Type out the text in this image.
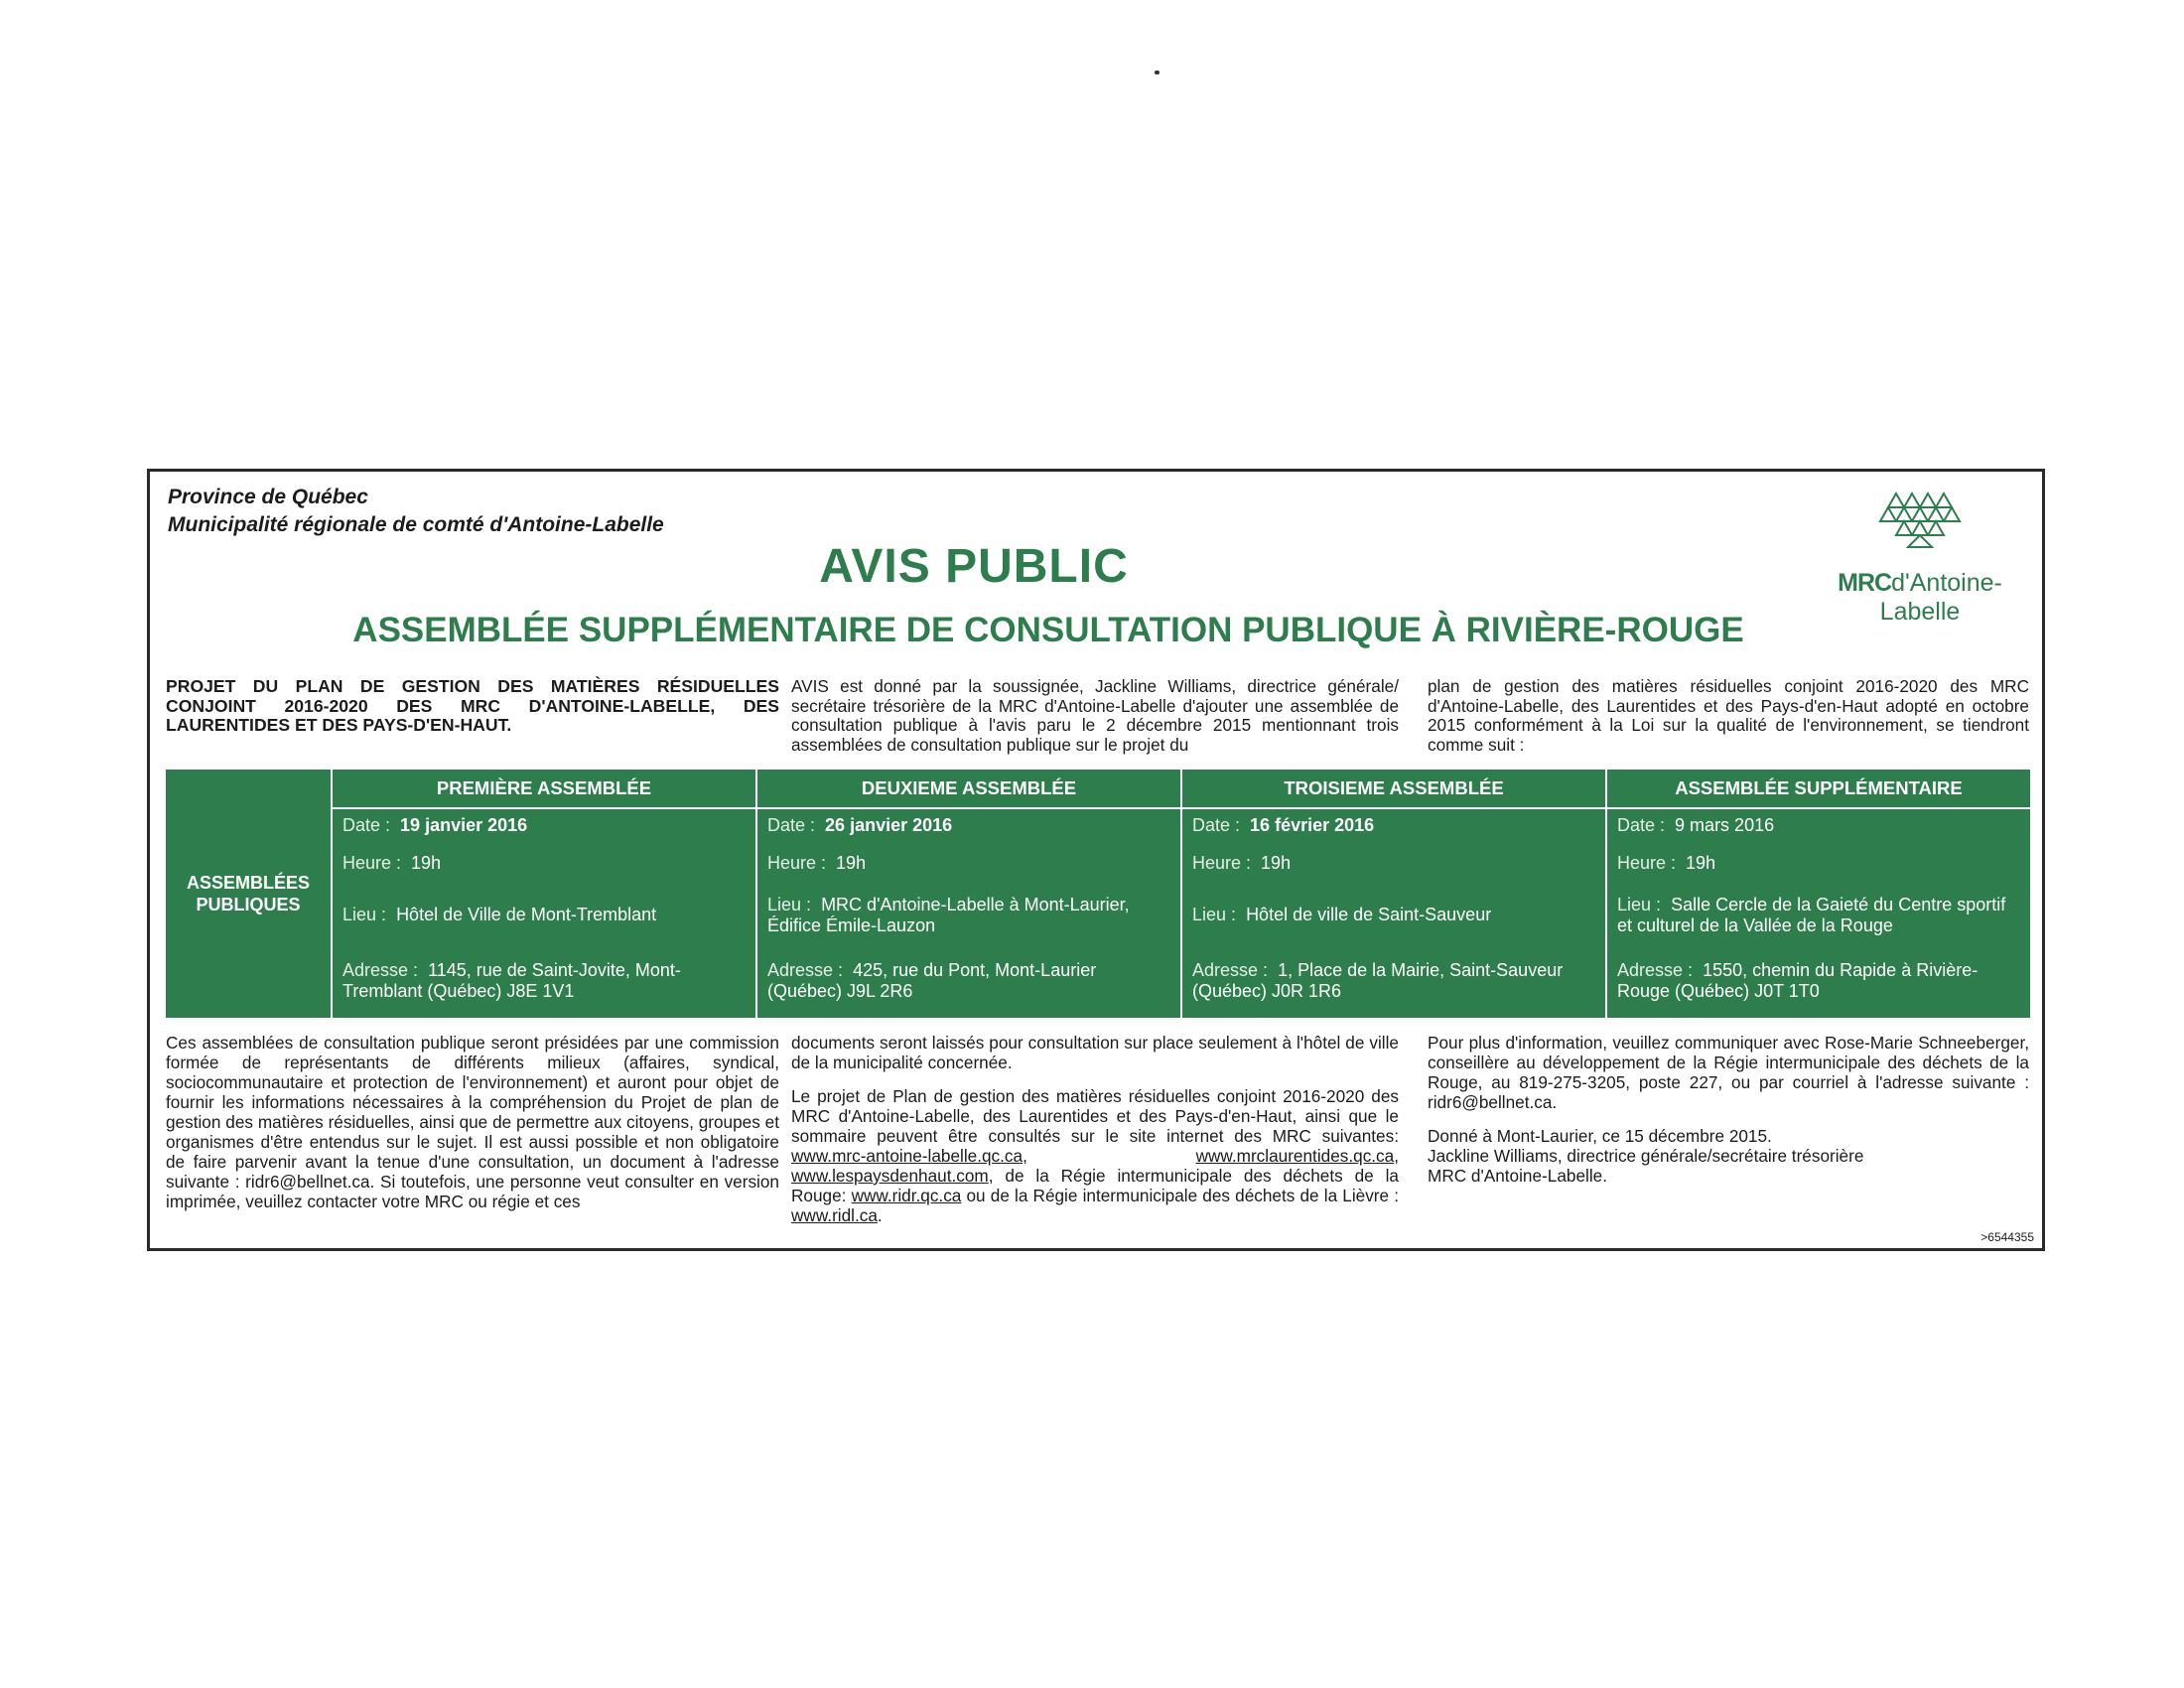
Province de Québec
Municipalité régionale de comté d'Antoine-Labelle
AVIS PUBLIC
ASSEMBLÉE SUPPLÉMENTAIRE DE CONSULTATION PUBLIQUE À RIVIÈRE-ROUGE
MRCd'Antoine-Labelle
PROJET DU PLAN DE GESTION DES MATIÈRES RÉSIDUELLES CONJOINT 2016-2020 DES MRC D'ANTOINE-LABELLE, DES LAURENTIDES ET DES PAYS-D'EN-HAUT.
AVIS est donné par la soussignée, Jackline Williams, directrice générale/ secrétaire trésorière de la MRC d'Antoine-Labelle d'ajouter une assemblée de consultation publique à l'avis paru le 2 décembre 2015 mentionnant trois assemblées de consultation publique sur le projet du
plan de gestion des matières résiduelles conjoint 2016-2020 des MRC d'Antoine-Labelle, des Laurentides et des Pays-d'en-Haut adopté en octobre 2015 conformément à la Loi sur la qualité de l'environnement, se tiendront comme suit :
ASSEMBLÉES PUBLIQUES
PREMIÈRE ASSEMBLÉE
Date : 19 janvier 2016
Heure : 19h
Lieu : Hôtel de Ville de Mont-Tremblant
Adresse : 1145, rue de Saint-Jovite, Mont-Tremblant (Québec) J8E 1V1
DEUXIEME ASSEMBLÉE
Date : 26 janvier 2016
Heure : 19h
Lieu : MRC d'Antoine-Labelle à Mont-Laurier, Édifice Émile-Lauzon
Adresse : 425, rue du Pont, Mont-Laurier (Québec) J9L 2R6
TROISIEME ASSEMBLÉE
Date : 16 février 2016
Heure : 19h
Lieu : Hôtel de ville de Saint-Sauveur
Adresse : 1, Place de la Mairie, Saint-Sauveur (Québec) J0R 1R6
ASSEMBLÉE SUPPLÉMENTAIRE
Date : 9 mars 2016
Heure : 19h
Lieu : Salle Cercle de la Gaieté du Centre sportif et culturel de la Vallée de la Rouge
Adresse : 1550, chemin du Rapide à Rivière-Rouge (Québec) J0T 1T0
Ces assemblées de consultation publique seront présidées par une commission formée de représentants de différents milieux (affaires, syndical, sociocommunautaire et protection de l'environnement) et auront pour objet de fournir les informations nécessaires à la compréhension du Projet de plan de gestion des matières résiduelles, ainsi que de permettre aux citoyens, groupes et organismes d'être entendus sur le sujet. Il est aussi possible et non obligatoire de faire parvenir avant la tenue d'une consultation, un document à l'adresse suivante : ridr6@bellnet.ca. Si toutefois, une personne veut consulter en version imprimée, veuillez contacter votre MRC ou régie et ces

documents seront laissés pour consultation sur place seulement à l'hôtel de ville de la municipalité concernée.

Le projet de Plan de gestion des matières résiduelles conjoint 2016-2020 des MRC d'Antoine-Labelle, des Laurentides et des Pays-d'en-Haut, ainsi que le sommaire peuvent être consultés sur le site internet des MRC suivantes: www.mrc-antoine-labelle.qc.ca, www.mrclaurentides.qc.ca, www.lespaysdenhaut.com, de la Régie intermunicipale des déchets de la Rouge: www.ridr.qc.ca ou de la Régie intermunicipale des déchets de la Lièvre : www.ridl.ca.

Pour plus d'information, veuillez communiquer avec Rose-Marie Schneeberger, conseillère au développement de la Régie intermunicipale des déchets de la Rouge, au 819-275-3205, poste 227, ou par courriel à l'adresse suivante : ridr6@bellnet.ca.

Donné à Mont-Laurier, ce 15 décembre 2015.
Jackline Williams, directrice générale/secrétaire trésorière
MRC d'Antoine-Labelle.
>6544355
